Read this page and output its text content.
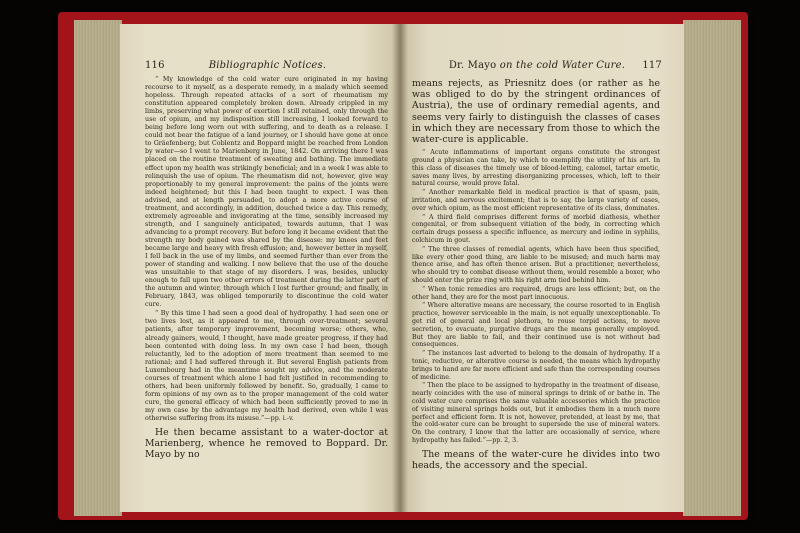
116	Bibliographic Notices.

“ My knowledge of the cold water cure originated in my having recourse to it myself, as a desperate remedy, in a malady which seemed hopeless. Through repeated attacks of a sort of rheumatism my constitution appeared completely broken down. Already crippled in my limbs, preserving what power of exertion I still retained, only through the use of opium, and my indisposition still increasing, I looked forward to being before long worn out with suffering, and to death as a release. I could not bear the fatigue of a land journey, or I should have gone at once to Gräefenberg; but Coblentz and Boppard might be reached from London by water—so I went to Marienberg in June, 1842. On arriving there I was placed on the routine treatment of sweating and bathing. The immediate effect upon my health was strikingly beneficial; and in a week I was able to relinquish the use of opium. The rheumatism did not, however, give way proportionably to my general improvement: the pains of the joints were indeed heightened; but this I had been taught to expect. I was then advised, and at length persuaded, to adopt a more active course of treatment, and accordingly, in addition, douched twice a day. This remedy, extremely agreeable and invigorating at the time, sensibly increased my strength, and I sanguinely anticipated, towards autumn, that I was advancing to a prompt recovery. But before long it became evident that the strength my body gained was shared by the disease: my knees and feet became large and heavy with fresh effusion; and, however better in myself, I fell back in the use of my limbs, and seemed further than ever from the power of standing and walking. I now believe that the use of the douche was unsuitable to that stage of my disorders. I was, besides, unlucky enough to fall upon two other errors of treatment during the latter part of the autumn and winter, through which I lost further ground; and finally, in February, 1843, was obliged temporarily to discontinue the cold water cure.

“ By this time I had seen a good deal of hydropathy. I had seen one or two lives lost, as it appeared to me, through over-treatment; several patients, after temporary improvement, becoming worse; others, who, already gainers, would, I thought, have made greater progress, if they had been contented with doing less. In my own case I had been, though reluctantly, led to the adoption of more treatment than seemed to me rational; and I had suffered through it. But several English patients from Luxembourg had in the meantime sought my advice, and the moderate courses of treatment which alone I had felt justified in recommending to others, had been uniformly followed by benefit. So, gradually, I came to form opinions of my own as to the proper management of the cold water cure, the general efficacy of which had been sufficiently proved to me in my own case by the advantage my health had derived, even while I was otherwise suffering from its misuse.”—pp. i.-v.

He then became assistant to a water-doctor at Marienberg, whence he removed to Boppard. Dr. Mayo by no

Dr. Mayo on the cold Water Cure.	117

means rejects, as Priesnitz does (or rather as he was obliged to do by the stringent ordinances of Austria), the use of ordinary remedial agents, and seems very fairly to distinguish the classes of cases in which they are necessary from those to which the water-cure is applicable.

“ Acute inflammations of important organs constitute the strongest ground a physician can take, by which to exemplify the utility of his art. In this class of diseases the timely use of blood-letting, calomel, tartar emetic, saves many lives, by arresting disorganizing processes, which, left to their natural course, would prove fatal.

“ Another remarkable field in medical practice is that of spasm, pain, irritation, and nervous excitement; that is to say, the large variety of cases, over which opium, as the most efficient representative of its class, dominates.

“ A third field comprises different forms of morbid diathesis, whether congenital, or from subsequent vitiation of the body, in correcting which certain drugs possess a specific influence, as mercury and iodine in syphilis, colchicum in gout.

“ The three classes of remedial agents, which have been thus specified, like every other good thing, are liable to be misused; and much harm may thence arise, and has often thence arisen. But a practitioner, nevertheless, who should try to combat disease without them, would resemble a boxer, who should enter the prize ring with his right arm tied behind him.

“ When tonic remedies are required, drugs are less efficient; but, on the other hand, they are for the most part innocuous.

“ Where alterative means are necessary, the course resorted to in English practice, however serviceable in the main, is not equally unexceptionable. To get rid of general and local plethora, to rouse torpid actions, to move secretion, to evacuate, purgative drugs are the means generally employed. But they are liable to fail, and their continued use is not without bad consequences.

“ The instances last adverted to belong to the domain of hydropathy. If a tonic, reductive, or alterative course is needed, the means which hydropathy brings to hand are far more efficient and safe than the corresponding courses of medicine.

“ Then the place to be assigned to hydropathy in the treatment of disease, nearly coincides with the use of mineral springs to drink of or bathe in. The cold water cure comprises the same valuable accessories which the practice of visiting mineral springs holds out, but it embodies them in a much more perfect and efficient form. It is not, however, pretended, at least by me, that the cold-water cure can be brought to supersede the use of mineral waters. On the contrary, I know that the latter are occasionally of service, where hydropathy has failed.”—pp. 2, 3.

The means of the water-cure he divides into two heads, the accessory and the special.
